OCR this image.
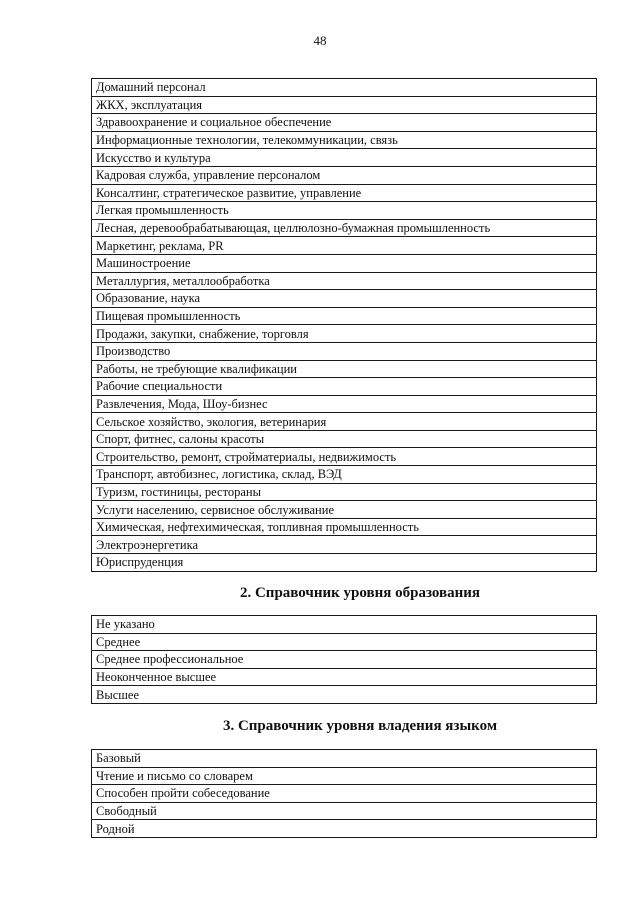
48
Домашний персонал
ЖКХ, эксплуатация
Здравоохранение и социальное обеспечение
Информационные технологии, телекоммуникации, связь
Искусство и культура
Кадровая служба, управление персоналом
Консалтинг, стратегическое развитие, управление
Легкая промышленность
Лесная, деревообрабатывающая, целлюлозно-бумажная промышленность
Маркетинг, реклама, PR
Машиностроение
Металлургия, металлообработка
Образование, наука
Пищевая промышленность
Продажи, закупки, снабжение, торговля
Производство
Работы, не требующие квалификации
Рабочие специальности
Развлечения, Мода, Шоу-бизнес
Сельское хозяйство, экология, ветеринария
Спорт, фитнес, салоны красоты
Строительство, ремонт, стройматериалы, недвижимость
Транспорт, автобизнес, логистика, склад, ВЭД
Туризм, гостиницы, рестораны
Услуги населению, сервисное обслуживание
Химическая, нефтехимическая, топливная промышленность
Электроэнергетика
Юриспруденция
2. Справочник уровня образования
Не указано
Среднее
Среднее профессиональное
Неоконченное высшее
Высшее
3. Справочник уровня владения языком
Базовый
Чтение и письмо со словарем
Способен пройти собеседование
Свободный
Родной
